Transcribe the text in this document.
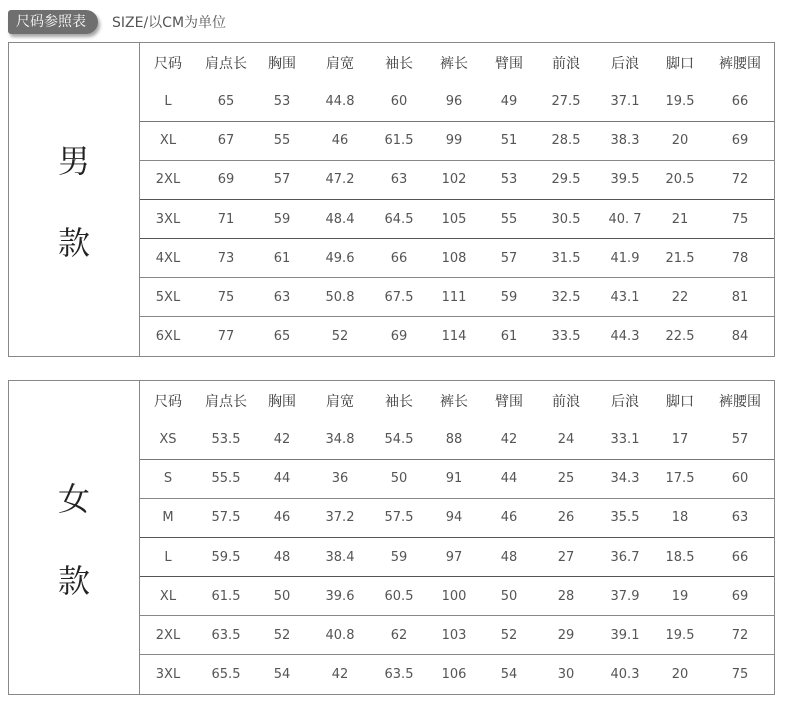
尺码参照表	SIZE/以CM为单位
男
款
尺码	肩点长	胸围	肩宽	袖长	裤长	臂围	前浪	后浪	脚口	裤腰围
L	65	53	44.8	60	96	49	27.5	37.1	19.5	66
XL	67	55	46	61.5	99	51	28.5	38.3	20	69
2XL	69	57	47.2	63	102	53	29.5	39.5	20.5	72
3XL	71	59	48.4	64.5	105	55	30.5	40. 7	21	75
4XL	73	61	49.6	66	108	57	31.5	41.9	21.5	78
5XL	75	63	50.8	67.5	111	59	32.5	43.1	22	81
6XL	77	65	52	69	114	61	33.5	44.3	22.5	84
女
款
尺码	肩点长	胸围	肩宽	袖长	裤长	臂围	前浪	后浪	脚口	裤腰围
XS	53.5	42	34.8	54.5	88	42	24	33.1	17	57
S	55.5	44	36	50	91	44	25	34.3	17.5	60
M	57.5	46	37.2	57.5	94	46	26	35.5	18	63
L	59.5	48	38.4	59	97	48	27	36.7	18.5	66
XL	61.5	50	39.6	60.5	100	50	28	37.9	19	69
2XL	63.5	52	40.8	62	103	52	29	39.1	19.5	72
3XL	65.5	54	42	63.5	106	54	30	40.3	20	75
